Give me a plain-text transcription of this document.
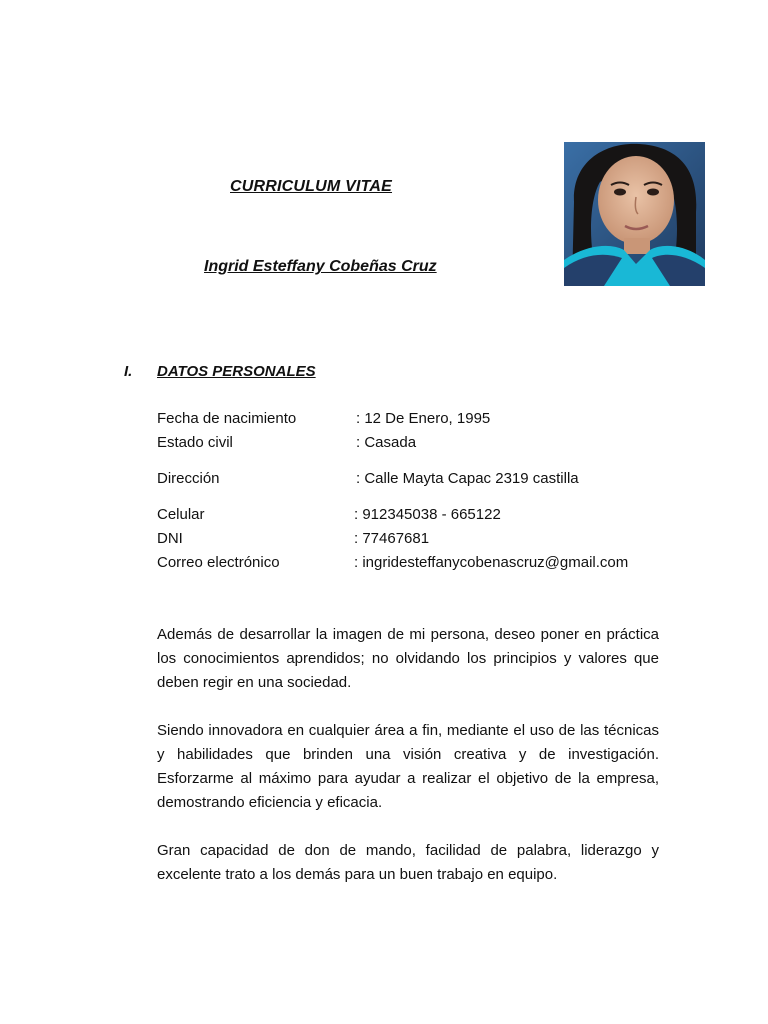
CURRICULUM VITAE
Ingrid Esteffany Cobeñas Cruz
I. DATOS PERSONALES
Fecha de nacimiento	: 12 De Enero, 1995
Estado civil	: Casada
Dirección	: Calle Mayta Capac 2319 castilla
Celular	: 912345038 - 665122
DNI	: 77467681
Correo electrónico	: ingridesteffanycobenascruz@gmail.com
Además de desarrollar la imagen de mi persona, deseo poner en práctica los conocimientos aprendidos; no olvidando los principios y valores que deben regir en una sociedad.
Siendo innovadora en cualquier área a fin, mediante el uso de las técnicas y habilidades que brinden una visión creativa y de investigación. Esforzarme al máximo para ayudar a realizar el objetivo de la empresa, demostrando eficiencia y eficacia.
Gran capacidad de don de mando, facilidad de palabra, liderazgo y excelente trato a los demás para un buen trabajo en equipo.
